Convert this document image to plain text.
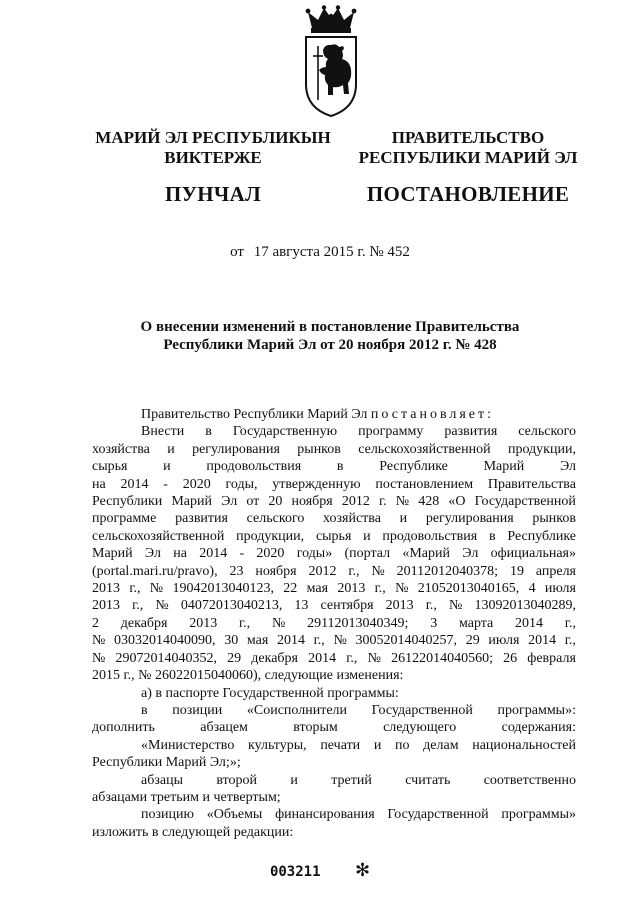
МАРИЙ ЭЛ РЕСПУБЛИКЫН
ВИКТЕРЖЕ
ПУНЧАЛ
ПРАВИТЕЛЬСТВО
РЕСПУБЛИКИ МАРИЙ ЭЛ
ПОСТАНОВЛЕНИЕ
от 17 августа 2015 г. № 452
О внесении изменений в постановление Правительства
Республики Марий Эл от 20 ноября 2012 г. № 428

Правительство Республики Марий Эл постановляет:

Внести в Государственную программу развития сельского

хозяйства и регулирования рынков сельскохозяйственной продукции,

сырья	и	продовольствия	в	Республике	Марий	Эл

на 2014 - 2020 годы, утвержденную постановлением Правительства

Республики Марий Эл от 20 ноября 2012 г. № 428 «О Государственной

программе развития сельского хозяйства и регулирования рынков

сельскохозяйственной продукции, сырья и продовольствия в Республике

Марий Эл на 2014 - 2020 годы» (портал «Марий Эл официальная»

(portal.mari.ru/pravo), 23 ноября 2012 г., № 20112012040378; 19 апреля

2013 г., № 19042013040123, 22 мая 2013 г., № 21052013040165, 4 июля

2013 г., № 04072013040213, 13 сентября 2013 г., № 13092013040289,

2 декабря 2013 г., № 29112013040349; 3 марта 2014 г.,

№ 03032014040090, 30 мая 2014 г., № 30052014040257, 29 июля 2014 г.,

№ 29072014040352, 29 декабря 2014 г., № 26122014040560; 26 февраля

2015 г., № 26022015040060), следующие изменения:

а) в паспорте Государственной программы:

в позиции «Соисполнители Государственной программы»:

дополнить	абзацем	вторым	следующего	содержания:

«Министерство культуры, печати и по делам национальностей

Республики Марий Эл;»;

абзацы второй и третий считать соответственно

абзацами третьим и четвертым;

позицию «Объемы финансирования Государственной программы»

изложить в следующей редакции:

003211 ✻
